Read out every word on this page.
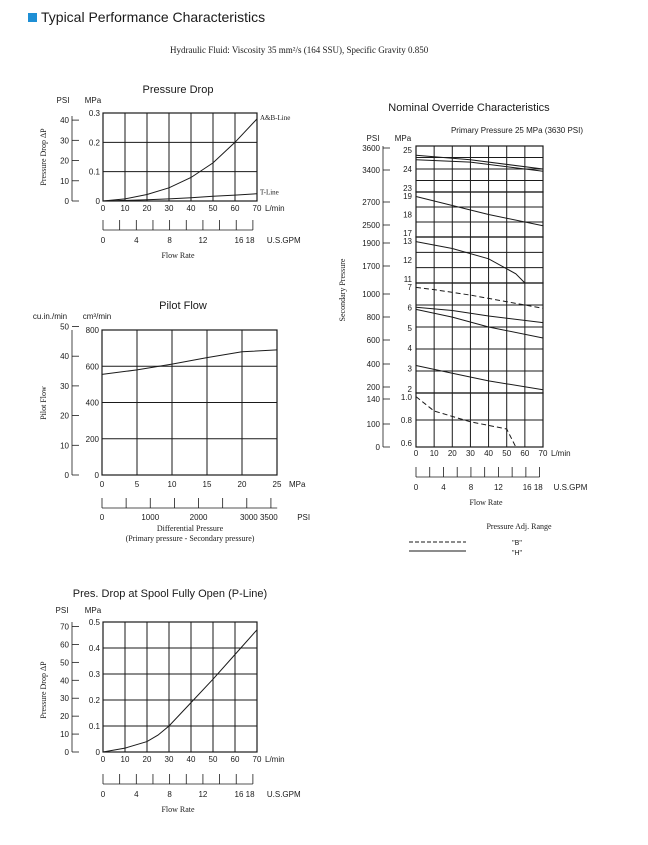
Typical Performance Characteristics
Hydraulic Fluid: Viscosity 35 mm²/s (164 SSU), Specific Gravity 0.850
Pressure Drop
PSI MPa
0
0.1
0.2
0.3
0
10
20
30
40
Pressure Drop ΔP
0 10 20 30 40 50 60 70 L/min
0	4	8	12	16 18 U.S.GPM
Flow Rate
A&B-Line
T-Line
Pilot Flow
cu.in./min cm³/min
0
200
400
600
800
0
10
20
30
40
50
Pilot Flow
0	5	10	15	20	25 MPa
0	1000	2000	3000 3500 PSI
Differential Pressure
(Primary pressure - Secondary pressure)
Nominal Override Characteristics
Primary Pressure 25 MPa (3630 PSI)
PSI MPa
25
24
23
19
18
17
13
12
11
7
6
5
4
3
2
1.0
0.8
0.6
3600
3400
2700
2500
1900
1700
1000
800
600
400
200
140
100
0
Secondary Pressure
0 10 20 30 40 50 60 70 L/min
0	4	8	12 16 18 U.S.GPM
Flow Rate
Pressure Adj. Range
"B"
"H"
Pres. Drop at Spool Fully Open (P-Line)
PSI MPa
0
0.1
0.2
0.3
0.4
0.5
0
10
20
30
40
50
60
70
Pressure Drop ΔP
0 10 20 30 40 50 60 70 L/min
0	4	8	12	16 18 U.S.GPM
Flow Rate
